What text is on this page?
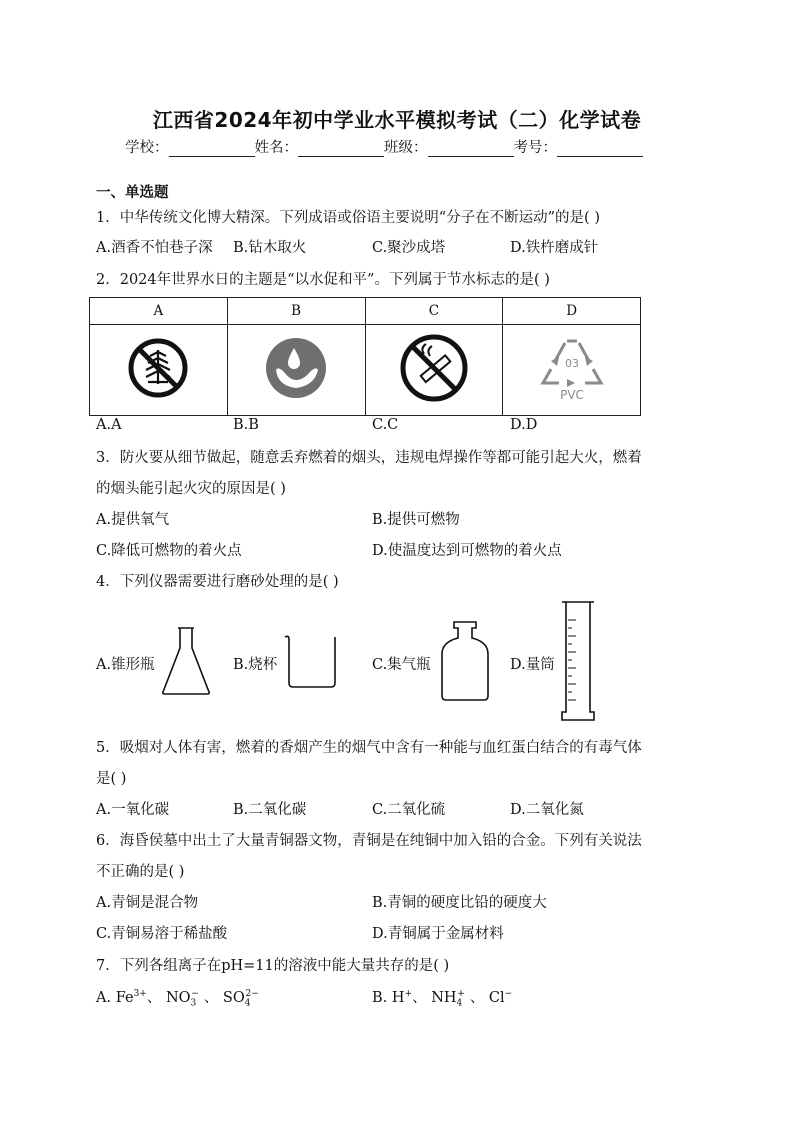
江西省2024年初中学业水平模拟考试（二）化学试卷
学校：	姓名：	班级：	考号：
一、单选题
1．中华传统文化博大精深。下列成语或俗语主要说明“分子在不断运动”的是( )
A.酒香不怕巷子深 B.钻木取火	C.聚沙成塔	D.铁杵磨成针
2．2024年世界水日的主题是“以水促和平”。下列属于节水标志的是( )
A	B	C	D

03
PVC
A.A	B.B	C.C	D.D
3．防火要从细节做起，随意丢弃燃着的烟头，违规电焊操作等都可能引起大火，燃着
的烟头能引起火灾的原因是( )
A.提供氧气	B.提供可燃物
C.降低可燃物的着火点	D.使温度达到可燃物的着火点
4．下列仪器需要进行磨砂处理的是( )
A.锥形瓶	B.烧杯	C.集气瓶	D.量筒
5．吸烟对人体有害，燃着的香烟产生的烟气中含有一种能与血红蛋白结合的有毒气体
是( )
A.一氧化碳	B.二氧化碳	C.二氧化硫	D.二氧化氮
6．海昏侯墓中出土了大量青铜器文物，青铜是在纯铜中加入铅的合金。下列有关说法
不正确的是( )
A.青铜是混合物	B.青铜的硬度比铅的硬度大
C.青铜易溶于稀盐酸	D.青铜属于金属材料
7．下列各组离子在pH=11的溶液中能大量共存的是( )
A. $Fe^{3+}$、 $NO_3^-$ 、 $SO_4^{2-}$	B. H+、 $NH_4^+$ 、 Cl−
